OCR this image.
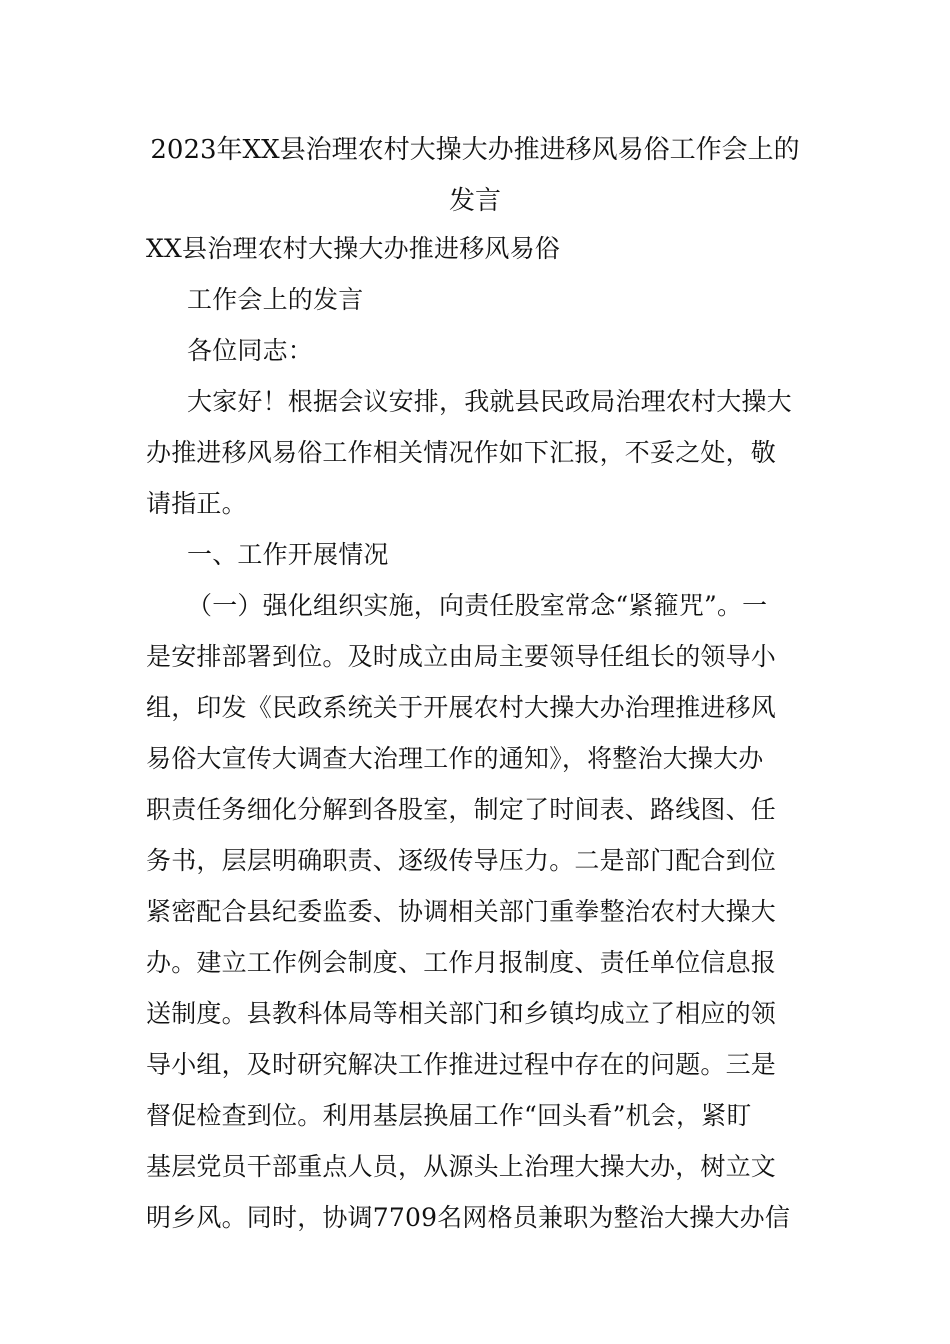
2023年XX县治理农村大操大办推进移风易俗工作会上的
发言
XX县治理农村大操大办推进移风易俗
工作会上的发言
各位同志：
大家好！根据会议安排，我就县民政局治理农村大操大
办推进移风易俗工作相关情况作如下汇报，不妥之处，敬
请指正。
一、工作开展情况
（一）强化组织实施，向责任股室常念“紧箍咒”。一
是安排部署到位。及时成立由局主要领导任组长的领导小
组，印发《民政系统关于开展农村大操大办治理推进移风
易俗大宣传大调查大治理工作的通知》，将整治大操大办
职责任务细化分解到各股室，制定了时间表、路线图、任
务书，层层明确职责、逐级传导压力。二是部门配合到位
紧密配合县纪委监委、协调相关部门重拳整治农村大操大
办。建立工作例会制度、工作月报制度、责任单位信息报
送制度。县教科体局等相关部门和乡镇均成立了相应的领
导小组，及时研究解决工作推进过程中存在的问题。三是
督促检查到位。利用基层换届工作“回头看”机会，紧盯
基层党员干部重点人员，从源头上治理大操大办，树立文
明乡风。同时，协调7709名网格员兼职为整治大操大办信
